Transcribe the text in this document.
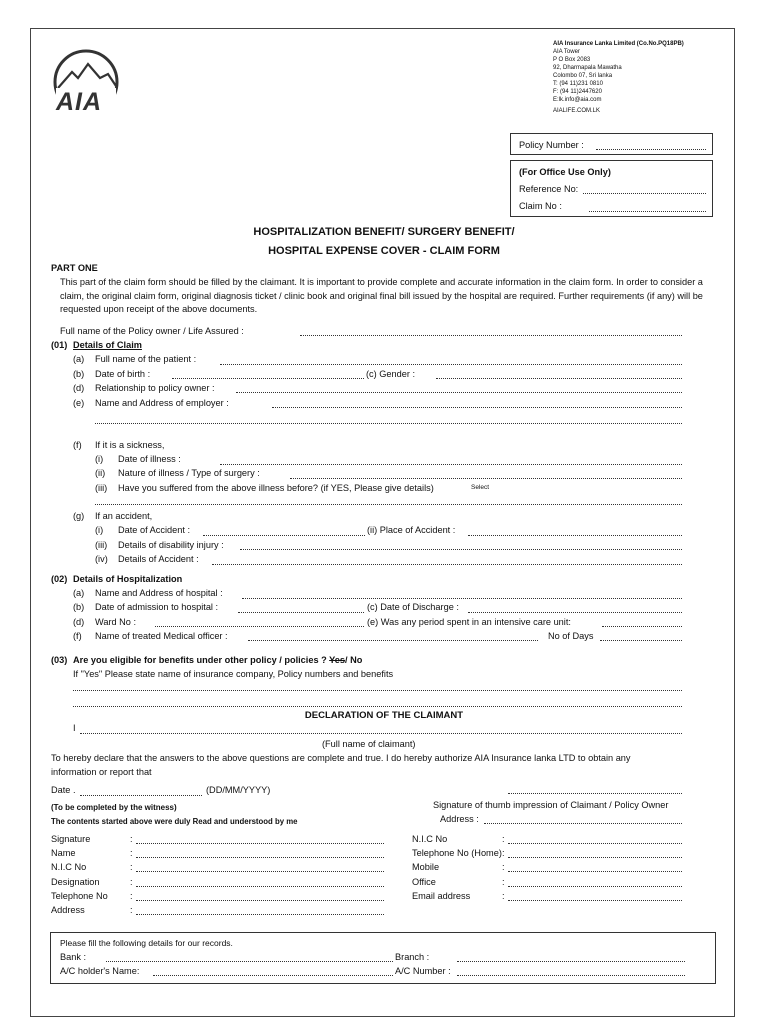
AIA
AIA Insurance Lanka Limited (Co.No.PQ18PB)
AIA Tower
P O Box 2083
92, Dharmapala Mawatha
Colombo 07, Sri lanka
T: (94 11)231 0810
F: (94 11)2447620
E:lk.info@aia.com
AIALIFE.COM.LK
Policy Number :
(For Office Use Only)
Reference No:
Claim No :
HOSPITALIZATION BENEFIT/ SURGERY BENEFIT/
HOSPITAL EXPENSE COVER - CLAIM FORM
PART ONE
This part of the claim form should be filled by the claimant. It is important to provide complete and accurate information in the claim form. In order to consider a claim, the original claim form, original diagnosis ticket / clinic book and original final bill issued by the hospital are required. Further requirements (if any) will be requested upon receipt of the above documents.
Full name of the Policy owner / Life Assured :
(01) Details of Claim
(a) Full name of the patient :
(b) Date of birth :	(c) Gender :
(d) Relationship to policy owner :
(e) Name and Address of employer :
(f) If it is a sickness,
(i) Date of illness :
(ii) Nature of illness / Type of surgery :
(iii) Have you suffered from the above illness before? (if YES, Please give details)	Select
(g) If an accident,
(i) Date of Accident :	(ii) Place of Accident :
(iii) Details of disability injury :
(iv) Details of Accident :
(02) Details of Hospitalization
(a) Name and Address of hospital :
(b) Date of admission to hospital :	(c) Date of Discharge :
(d) Ward No :	(e) Was any period spent in an intensive care unit:
(f) Name of treated Medical officer :	No of Days
(03) Are you eligible for benefits under other policy / policies ? Yes/ No
If "Yes" Please state name of insurance company, Policy numbers and benefits
DECLARATION OF THE CLAIMANT
I
(Full name of claimant)
To hereby declare that the answers to the above questions are complete and true. I do hereby authorize AIA Insurance lanka LTD to obtain any
information or report that
Date .	(DD/MM/YYYY)
(To be completed by the witness)	Signature of thumb impression of Claimant / Policy Owner
The contents started above were duly Read and understood by me	Address :
Signature	:
Name	:
N.I.C No	:
Designation	:
Telephone No :
Address	:
N.I.C No	:
Telephone No (Home) :
Mobile	:
Office	:
Email address	:
Please fill the following details for our records.
Bank :	Branch :
A/C holder's Name:	A/C Number :
